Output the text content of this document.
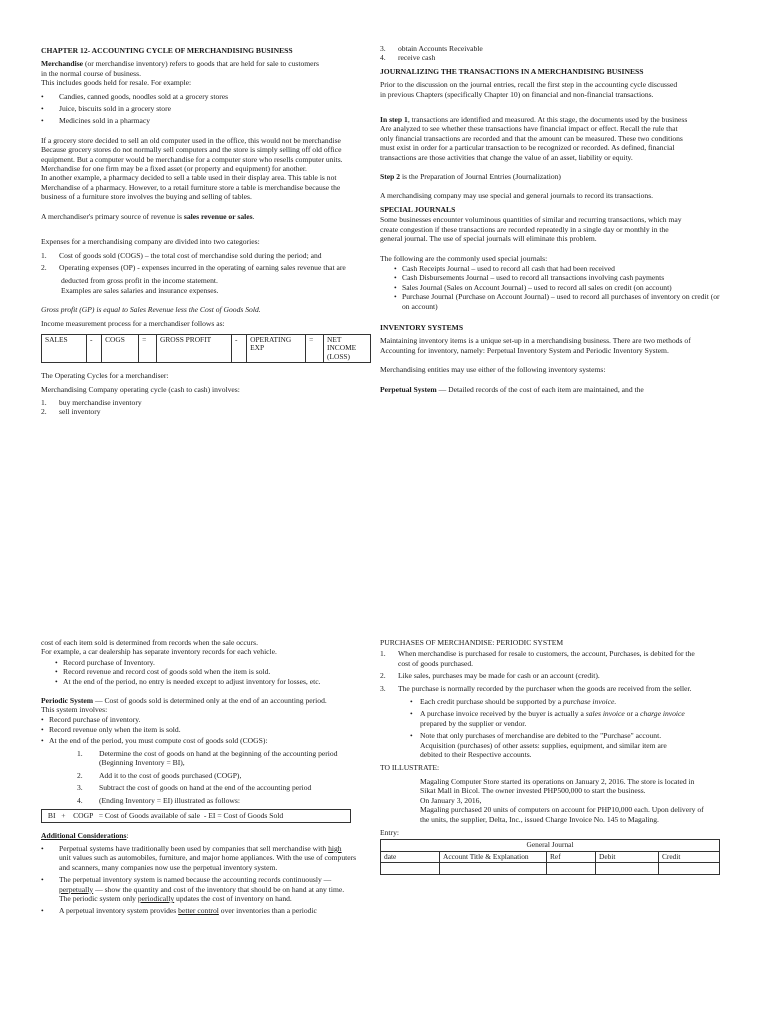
CHAPTER 12- ACCOUNTING CYCLE OF MERCHANDISING BUSINESS

Merchandise (or merchandise inventory) refers to goods that are held for sale to customers
in the normal course of business.
This includes goods held for resale. For example:

• Candies, canned goods, noodles sold at a grocery stores
• Juice, biscuits sold in a grocery store
• Medicines sold in a pharmacy

If a grocery store decided to sell an old computer used in the office, this would not be merchandise
Because grocery stores do not normally sell computers and the store is simply selling off old office
equipment. But a computer would be merchandise for a computer store who resells computer units.
Merchandise for one firm may be a fixed asset (or property and equipment) for another.
In another example, a pharmacy decided to sell a table used in their display area. This table is not
Merchandise of a pharmacy. However, to a retail furniture store a table is merchandise because the
business of a furniture store involves the buying and selling of tables.

A merchandiser's primary source of revenue is sales revenue or sales.

Expenses for a merchandising company are divided into two categories:

1. Cost of goods sold (COGS) – the total cost of merchandise sold during the period; and
2. Operating expenses (OP) - expenses incurred in the operating of earning sales revenue that are

deducted from gross profit in the income statement.
Examples are sales salaries and insurance expenses.

Gross profit (GP) is equal to Sales Revenue less the Cost of Goods Sold.

Income measurement process for a merchandiser follows as:

SALES	-	COGS	=	GROSS PROFIT	-	OPERATING EXP	=	NET INCOME (LOSS)

The Operating Cycles for a merchandiser:

Merchandising Company operating cycle (cash to cash) involves:

1. buy merchandise inventory
2. sell inventory
3. obtain Accounts Receivable
4. receive cash
JOURNALIZING THE TRANSACTIONS IN A MERCHANDISING BUSINESS

Prior to the discussion on the journal entries, recall the first step in the accounting cycle discussed
in previous Chapters (specifically Chapter 10) on financial and non-financial transactions.

In step 1, transactions are identified and measured. At this stage, the documents used by the business
Are analyzed to see whether these transactions have financial impact or effect. Recall the rule that
only financial transactions are recorded and that the amount can be measured. These two conditions
must exist in order for a particular transaction to be recognized or recorded. As defined, financial
transactions are those activities that change the value of an asset, liability or equity.

Step 2 is the Preparation of Journal Entries (Journalization)

A merchandising company may use special and general journals to record its transactions.

SPECIAL JOURNALS

Some businesses encounter voluminous quantities of similar and recurring transactions, which may
create congestion if these transactions are recorded repeatedly in a single day or monthly in the
general journal. The use of special journals will eliminate this problem.

The following are the commonly used special journals:

• Cash Receipts Journal – used to record all cash that had been received
• Cash Disbursements Journal – used to record all transactions involving cash payments
• Sales Journal (Sales on Account Journal) – used to record all sales on credit (on account)
• Purchase Journal (Purchase on Account Journal) – used to record all purchases of inventory on credit (or on account)
INVENTORY SYSTEMS

Maintaining inventory items is a unique set-up in a merchandising business. There are two methods of
Accounting for inventory, namely: Perpetual Inventory System and Periodic Inventory System.

Merchandising entities may use either of the following inventory systems:

Perpetual System — Detailed records of the cost of each item are maintained, and the

cost of each item sold is determined from records when the sale occurs.
For example, a car dealership has separate inventory records for each vehicle.

• Record purchase of Inventory.
• Record revenue and record cost of goods sold when the item is sold.
• At the end of the period, no entry is needed except to adjust inventory for losses, etc.

Periodic System — Cost of goods sold is determined only at the end of an accounting period.
This system involves:

• Record purchase of inventory.
• Record revenue only when the item is sold.
• At the end of the period, you must compute cost of goods sold (COGS):
1. Determine the cost of goods on hand at the beginning of the accounting period (Beginning Inventory = BI),
2. Add it to the cost of goods purchased (COGP),
3. Subtract the cost of goods on hand at the end of the accounting period
4. (Ending Inventory = EI) illustrated as follows:
BI   +    COGP   = Cost of Goods available of sale  - EI = Cost of Goods Sold

Additional Considerations:

• Perpetual systems have traditionally been used by companies that sell merchandise with high
unit values such as automobiles, furniture, and major home appliances. With the use of computers
and scanners, many companies now use the perpetual inventory system.
• The perpetual inventory system is named because the accounting records continuously —
perpetually — show the quantity and cost of the inventory that should be on hand at any time.
The periodic system only periodically updates the cost of inventory on hand.
• A perpetual inventory system provides better control over inventories than a periodic

PURCHASES OF MERCHANDISE: PERIODIC SYSTEM

1. When merchandise is purchased for resale to customers, the account, Purchases, is debited for the
cost of goods purchased.
2. Like sales, purchases may be made for cash or an account (credit).
3. The purchase is normally recorded by the purchaser when the goods are received from the seller.
• Each credit purchase should be supported by a purchase invoice.
• A purchase invoice received by the buyer is actually a sales invoice or a charge invoice
prepared by the supplier or vendor.
• Note that only purchases of merchandise are debited to the "Purchase" account.
Acquisition (purchases) of other assets: supplies, equipment, and similar item are
debited to their Respective accounts.

TO ILLUSTRATE:

Magaling Computer Store started its operations on January 2, 2016. The store is located in
Sikat Mall in Bicol. The owner invested PHP500,000 to start the business.
On January 3, 2016,
Magaling purchased 20 units of computers on account for PHP10,000 each. Upon delivery of
the units, the supplier, Delta, Inc., issued Charge Invoice No. 145 to Magaling.

Entry:

General Journal				
date	Account Title & Explanation	Ref	Debit	Credit
